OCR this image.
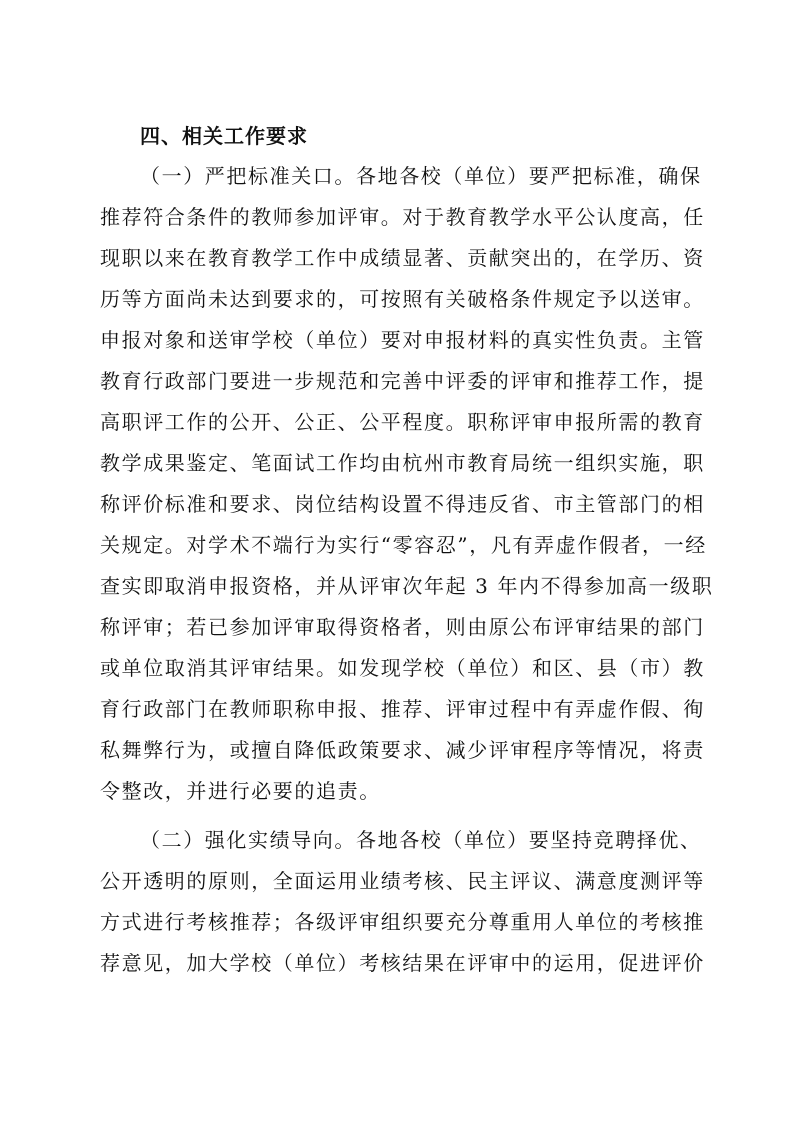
四、相关工作要求
（一）严把标准关口。各地各校（单位）要严把标准，确保
推荐符合条件的教师参加评审。对于教育教学水平公认度高，任
现职以来在教育教学工作中成绩显著、贡献突出的，在学历、资
历等方面尚未达到要求的，可按照有关破格条件规定予以送审。
申报对象和送审学校（单位）要对申报材料的真实性负责。主管
教育行政部门要进一步规范和完善中评委的评审和推荐工作，提
高职评工作的公开、公正、公平程度。职称评审申报所需的教育
教学成果鉴定、笔面试工作均由杭州市教育局统一组织实施，职
称评价标准和要求、岗位结构设置不得违反省、市主管部门的相
关规定。对学术不端行为实行“零容忍”，凡有弄虚作假者，一经
查实即取消申报资格，并从评审次年起 3 年内不得参加高一级职
称评审；若已参加评审取得资格者，则由原公布评审结果的部门
或单位取消其评审结果。如发现学校（单位）和区、县（市）教
育行政部门在教师职称申报、推荐、评审过程中有弄虚作假、徇
私舞弊行为，或擅自降低政策要求、减少评审程序等情况，将责
令整改，并进行必要的追责。
（二）强化实绩导向。各地各校（单位）要坚持竞聘择优、
公开透明的原则，全面运用业绩考核、民主评议、满意度测评等
方式进行考核推荐；各级评审组织要充分尊重用人单位的考核推
荐意见，加大学校（单位）考核结果在评审中的运用，促进评价
